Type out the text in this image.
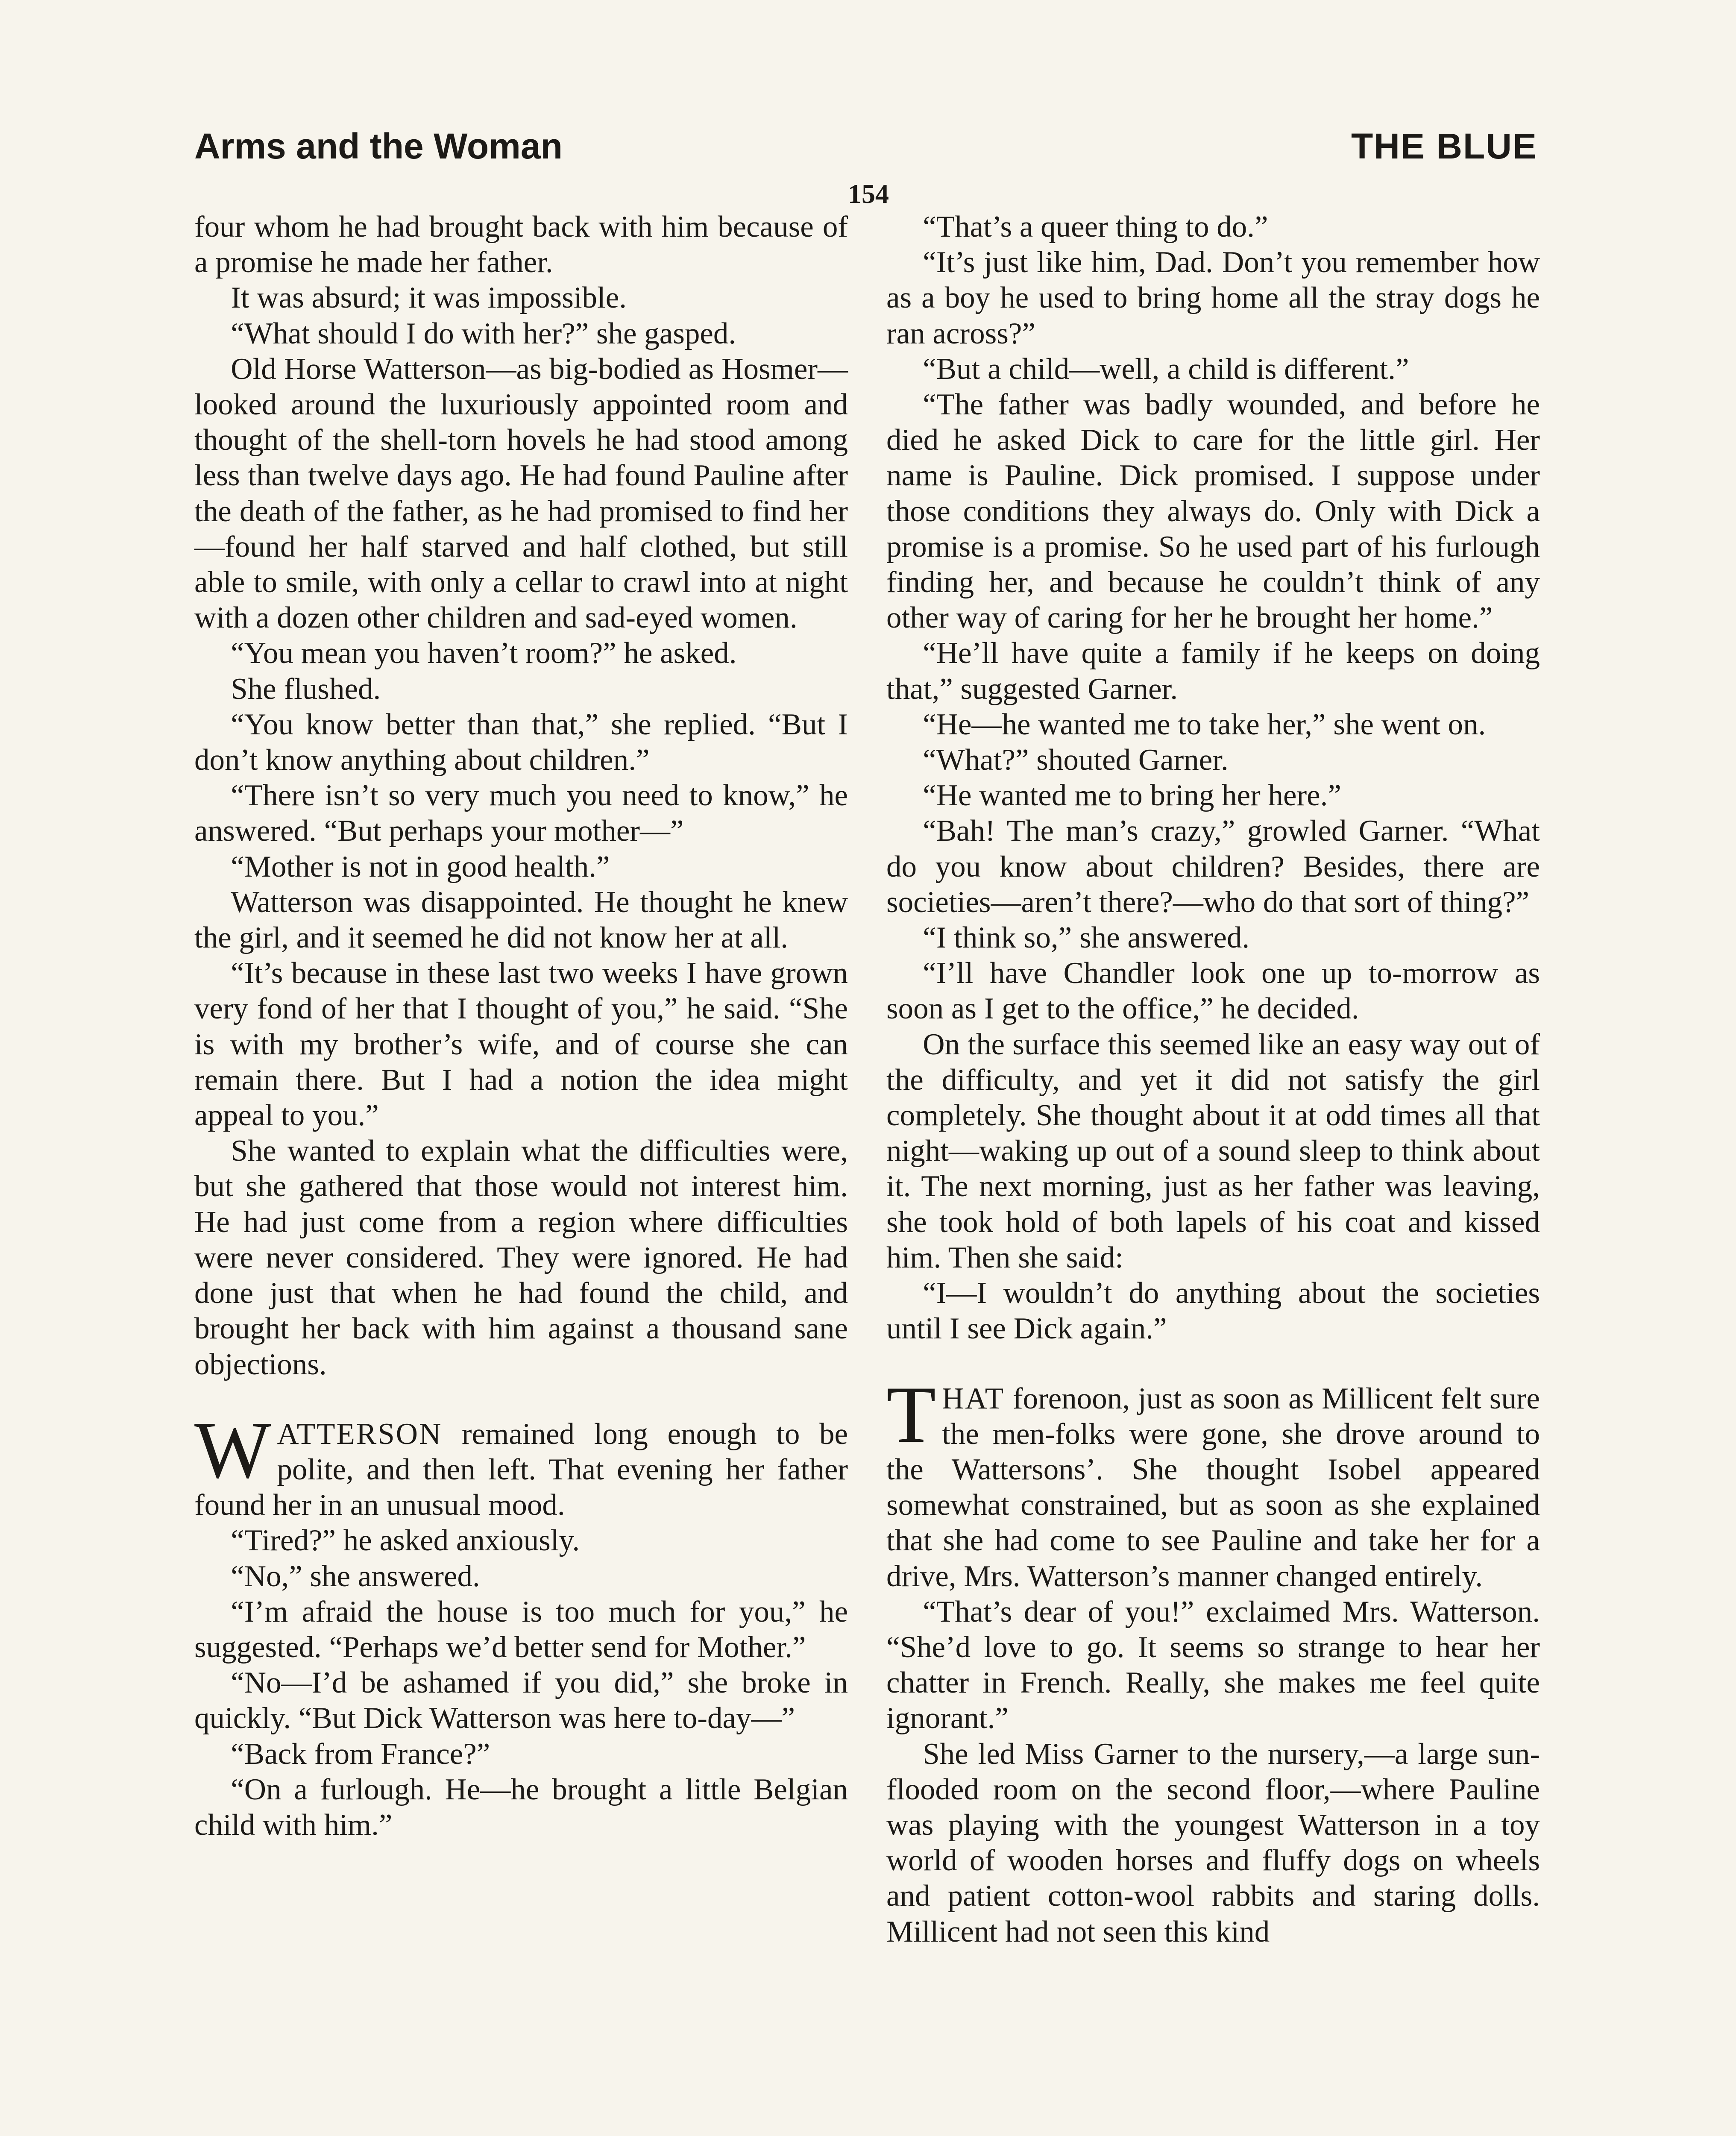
Arms and the Woman	THE BLUE
154

four whom he had brought back with him because of a promise he made her father.

It was absurd; it was impossible.

“What should I do with her?” she gasped.

Old Horse Watterson—as big-bodied as Hosmer—looked around the luxuriously appointed room and thought of the shell-torn hovels he had stood among less than twelve days ago. He had found Pauline after the death of the father, as he had promised to find her—found her half starved and half clothed, but still able to smile, with only a cellar to crawl into at night with a dozen other children and sad-eyed women.

“You mean you haven’t room?” he asked.

She flushed.

“You know better than that,” she replied. “But I don’t know anything about children.”

“There isn’t so very much you need to know,” he answered. “But perhaps your mother—”

“Mother is not in good health.”

Watterson was disappointed. He thought he knew the girl, and it seemed he did not know her at all.

“It’s because in these last two weeks I have grown very fond of her that I thought of you,” he said. “She is with my brother’s wife, and of course she can remain there. But I had a notion the idea might appeal to you.”

She wanted to explain what the difficulties were, but she gathered that those would not interest him. He had just come from a region where difficulties were never considered. They were ignored. He had done just that when he had found the child, and brought her back with him against a thousand sane objections.

WATTERSON remained long enough to be polite, and then left. That evening her father found her in an unusual mood.

“Tired?” he asked anxiously.

“No,” she answered.

“I’m afraid the house is too much for you,” he suggested. “Perhaps we’d better send for Mother.”

“No—I’d be ashamed if you did,” she broke in quickly. “But Dick Watterson was here to-day—”

“Back from France?”

“On a furlough. He—he brought a little Belgian child with him.”

“That’s a queer thing to do.”

“It’s just like him, Dad. Don’t you remember how as a boy he used to bring home all the stray dogs he ran across?”

“But a child—well, a child is different.”

“The father was badly wounded, and before he died he asked Dick to care for the little girl. Her name is Pauline. Dick promised. I suppose under those conditions they always do. Only with Dick a promise is a promise. So he used part of his furlough finding her, and because he couldn’t think of any other way of caring for her he brought her home.”

“He’ll have quite a family if he keeps on doing that,” suggested Garner.

“He—he wanted me to take her,” she went on.

“What?” shouted Garner.

“He wanted me to bring her here.”

“Bah! The man’s crazy,” growled Garner. “What do you know about children? Besides, there are societies—aren’t there?—who do that sort of thing?”

“I think so,” she answered.

“I’ll have Chandler look one up to-morrow as soon as I get to the office,” he decided.

On the surface this seemed like an easy way out of the difficulty, and yet it did not satisfy the girl completely. She thought about it at odd times all that night—waking up out of a sound sleep to think about it. The next morning, just as her father was leaving, she took hold of both lapels of his coat and kissed him. Then she said:

“I—I wouldn’t do anything about the societies until I see Dick again.”

THAT forenoon, just as soon as Millicent felt sure the men-folks were gone, she drove around to the Wattersons’. She thought Isobel appeared somewhat constrained, but as soon as she explained that she had come to see Pauline and take her for a drive, Mrs. Watterson’s manner changed entirely.

“That’s dear of you!” exclaimed Mrs. Watterson. “She’d love to go. It seems so strange to hear her chatter in French. Really, she makes me feel quite ignorant.”

She led Miss Garner to the nursery,—a large sun-flooded room on the second floor,—where Pauline was playing with the youngest Watterson in a toy world of wooden horses and fluffy dogs on wheels and patient cotton-wool rabbits and staring dolls. Millicent had not seen this kind
